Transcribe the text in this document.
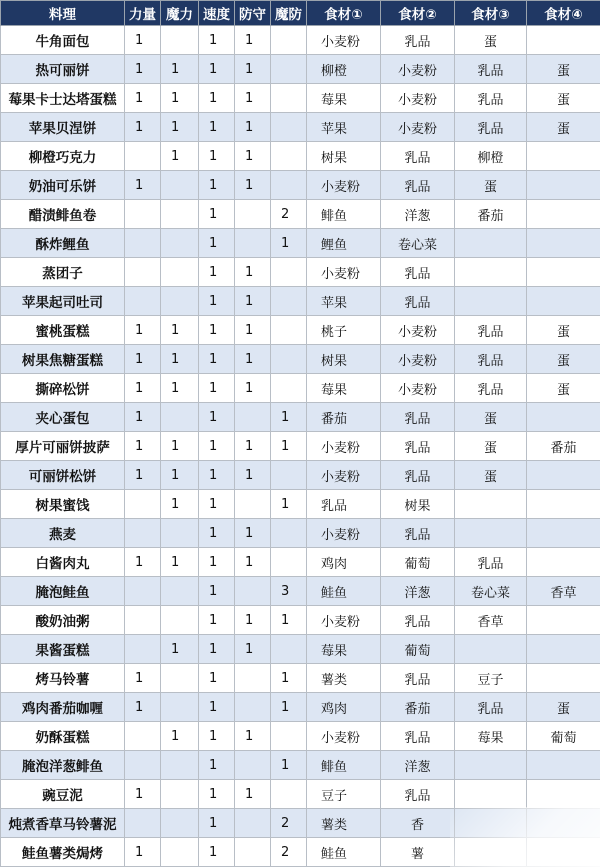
料理	力量	魔力	速度	防守	魔防	食材①	食材②	食材③	食材④
牛角面包	1		1	1		小麦粉	乳品	蛋	
热可丽饼	1	1	1	1		柳橙	小麦粉	乳品	蛋
莓果卡士达塔蛋糕	1	1	1	1		莓果	小麦粉	乳品	蛋
苹果贝涅饼	1	1	1	1		苹果	小麦粉	乳品	蛋
柳橙巧克力		1	1	1		树果	乳品	柳橙	
奶油可乐饼	1		1	1		小麦粉	乳品	蛋	
醋渍鲱鱼卷			1		2	鲱鱼	洋葱	番茄	
酥炸鲤鱼			1		1	鲤鱼	卷心菜		
蒸团子			1	1		小麦粉	乳品		
苹果起司吐司			1	1		苹果	乳品		
蜜桃蛋糕	1	1	1	1		桃子	小麦粉	乳品	蛋
树果焦糖蛋糕	1	1	1	1		树果	小麦粉	乳品	蛋
撕碎松饼	1	1	1	1		莓果	小麦粉	乳品	蛋
夹心蛋包	1		1		1	番茄	乳品	蛋	
厚片可丽饼披萨	1	1	1	1	1	小麦粉	乳品	蛋	番茄
可丽饼松饼	1	1	1	1		小麦粉	乳品	蛋	
树果蜜饯		1	1		1	乳品	树果		
燕麦			1	1		小麦粉	乳品		
白酱肉丸	1	1	1	1		鸡肉	葡萄	乳品	
腌泡鲑鱼			1		3	鲑鱼	洋葱	卷心菜	香草
酸奶油粥			1	1	1	小麦粉	乳品	香草	
果酱蛋糕		1	1	1		莓果	葡萄		
烤马铃薯	1		1		1	薯类	乳品	豆子	
鸡肉番茄咖喱	1		1		1	鸡肉	番茄	乳品	蛋
奶酥蛋糕		1	1	1		小麦粉	乳品	莓果	葡萄
腌泡洋葱鲱鱼			1		1	鲱鱼	洋葱		
豌豆泥	1		1	1		豆子	乳品		
炖煮香草马铃薯泥			1		2	薯类	香		
鲑鱼薯类焗烤	1		1		2	鲑鱼	薯		
